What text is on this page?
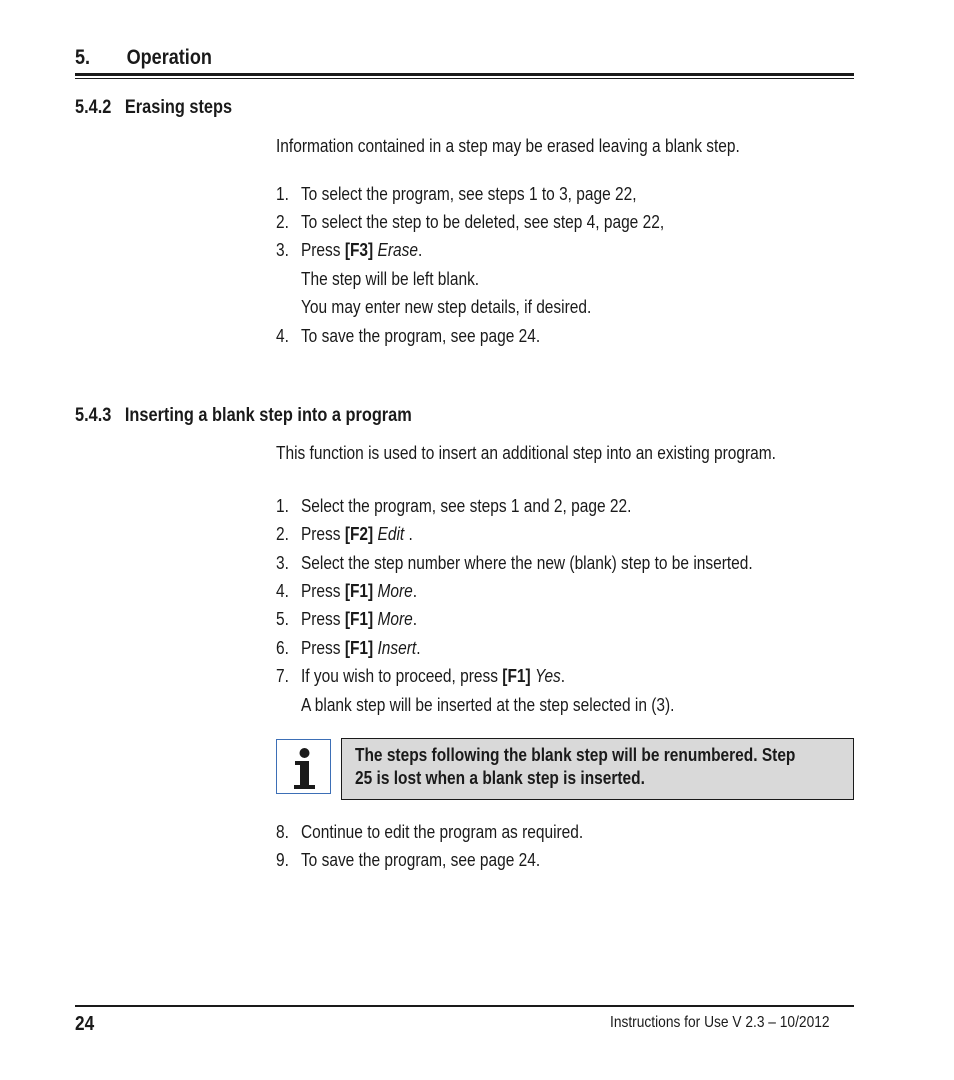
5. Operation
5.4.2 Erasing steps
Information contained in a step may be erased leaving a blank step.
1. To select the program, see steps 1 to 3, page 22,
2. To select the step to be deleted, see step 4, page 22,
3. Press [F3] Erase.
The step will be left blank.
You may enter new step details, if desired.
4. To save the program, see page 24.
5.4.3 Inserting a blank step into a program
This function is used to insert an additional step into an existing program.
1. Select the program, see steps 1 and 2, page 22.
2. Press [F2] Edit .
3. Select the step number where the new (blank) step to be inserted.
4. Press [F1] More.
5. Press [F1] More.
6. Press [F1] Insert.
7. If you wish to proceed, press [F1] Yes.
A blank step will be inserted at the step selected in (3).
The steps following the blank step will be renumbered. Step
25 is lost when a blank step is inserted.
8. Continue to edit the program as required.
9. To save the program, see page 24.
24	Instructions for Use V 2.3 – 10/2012
